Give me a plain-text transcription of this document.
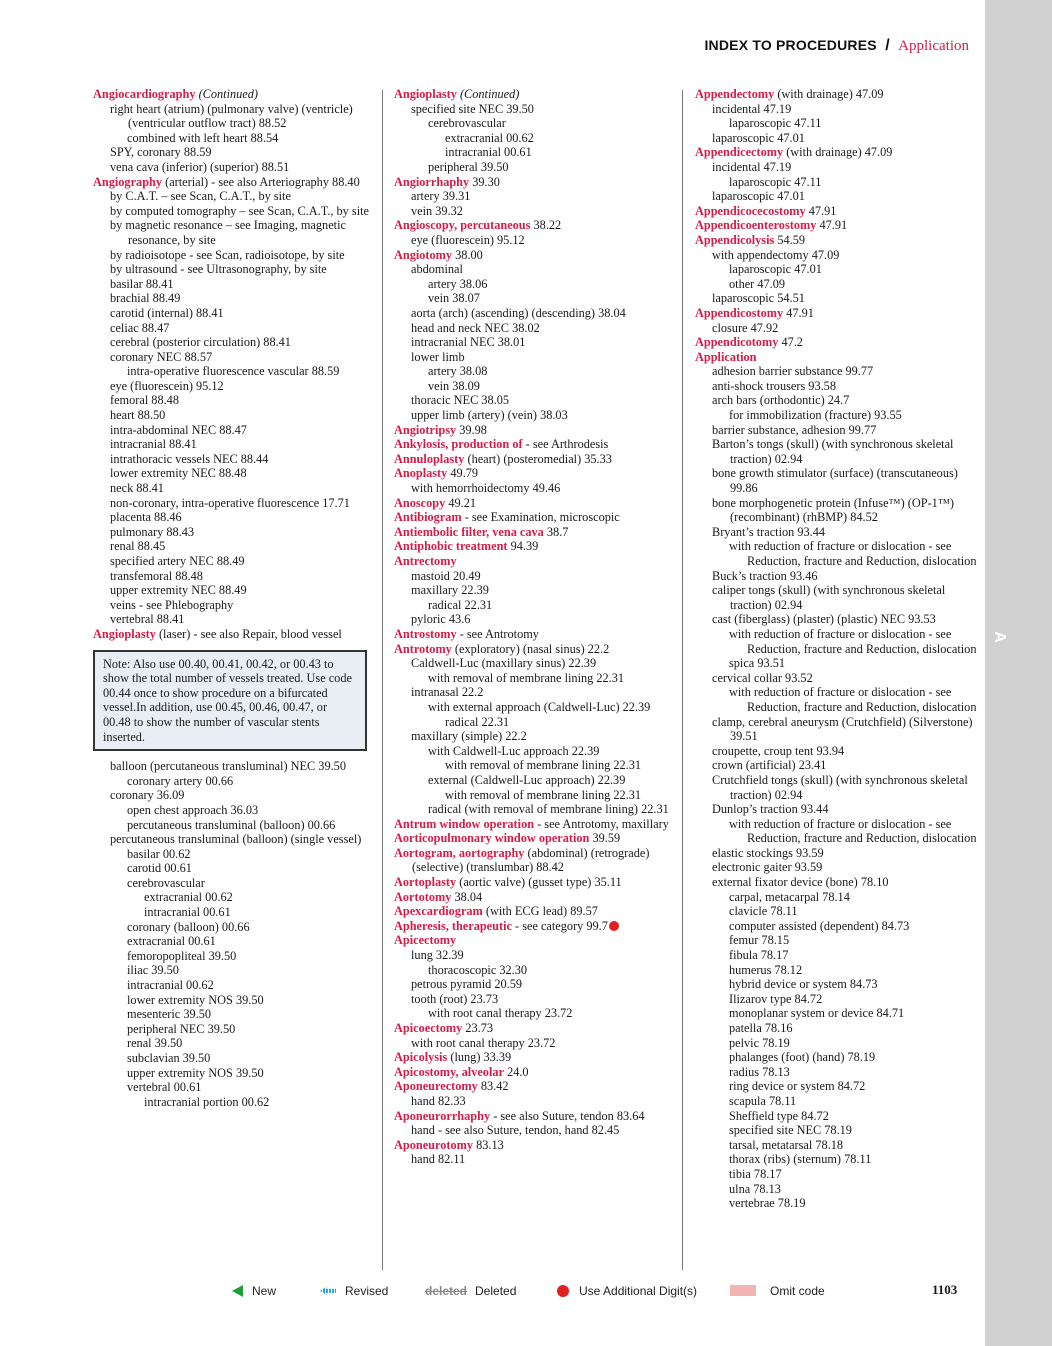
A
INDEX TO PROCEDURES / Application
Angiocardiography (Continued)
right heart (atrium) (pulmonary valve) (ventricle) (ventricular outflow tract) 88.52
combined with left heart 88.54
SPY, coronary 88.59
vena cava (inferior) (superior) 88.51
Angiography (arterial) - see also Arteriography 88.40
by C.A.T. – see Scan, C.A.T., by site
by computed tomography – see Scan, C.A.T., by site
by magnetic resonance – see Imaging, magnetic resonance, by site
by radioisotope - see Scan, radioisotope, by site
by ultrasound - see Ultrasonography, by site
basilar 88.41
brachial 88.49
carotid (internal) 88.41
celiac 88.47
cerebral (posterior circulation) 88.41
coronary NEC 88.57
intra-operative fluorescence vascular 88.59
eye (fluorescein) 95.12
femoral 88.48
heart 88.50
intra-abdominal NEC 88.47
intracranial 88.41
intrathoracic vessels NEC 88.44
lower extremity NEC 88.48
neck 88.41
non-coronary, intra-operative fluorescence 17.71
placenta 88.46
pulmonary 88.43
renal 88.45
specified artery NEC 88.49
transfemoral 88.48
upper extremity NEC 88.49
veins - see Phlebography
vertebral 88.41
Angioplasty (laser) - see also Repair, blood vessel
Note: Also use 00.40, 00.41, 00.42, or 00.43 to show the total number of vessels treated. Use code 00.44 once to show procedure on a bifurcated vessel.In addition, use 00.45, 00.46, 00.47, or 00.48 to show the number of vascular stents inserted.
balloon (percutaneous transluminal) NEC 39.50
coronary artery 00.66
coronary 36.09
open chest approach 36.03
percutaneous transluminal (balloon) 00.66
percutaneous transluminal (balloon) (single vessel)
basilar 00.62
carotid 00.61
cerebrovascular
extracranial 00.62
intracranial 00.61
coronary (balloon) 00.66
extracranial 00.61
femoropopliteal 39.50
iliac 39.50
intracranial 00.62
lower extremity NOS 39.50
mesenteric 39.50
peripheral NEC 39.50
renal 39.50
subclavian 39.50
upper extremity NOS 39.50
vertebral 00.61
intracranial portion 00.62
Angioplasty (Continued)
specified site NEC 39.50
cerebrovascular
extracranial 00.62
intracranial 00.61
peripheral 39.50
Angiorrhaphy 39.30
artery 39.31
vein 39.32
Angioscopy, percutaneous 38.22
eye (fluorescein) 95.12
Angiotomy 38.00
abdominal
artery 38.06
vein 38.07
aorta (arch) (ascending) (descending) 38.04
head and neck NEC 38.02
intracranial NEC 38.01
lower limb
artery 38.08
vein 38.09
thoracic NEC 38.05
upper limb (artery) (vein) 38.03
Angiotripsy 39.98
Ankylosis, production of - see Arthrodesis
Annuloplasty (heart) (posteromedial) 35.33
Anoplasty 49.79
with hemorrhoidectomy 49.46
Anoscopy 49.21
Antibiogram - see Examination, microscopic
Antiembolic filter, vena cava 38.7
Antiphobic treatment 94.39
Antrectomy
mastoid 20.49
maxillary 22.39
radical 22.31
pyloric 43.6
Antrostomy - see Antrotomy
Antrotomy (exploratory) (nasal sinus) 22.2
Caldwell-Luc (maxillary sinus) 22.39
with removal of membrane lining 22.31
intranasal 22.2
with external approach (Caldwell-Luc) 22.39
radical 22.31
maxillary (simple) 22.2
with Caldwell-Luc approach 22.39
with removal of membrane lining 22.31
external (Caldwell-Luc approach) 22.39
with removal of membrane lining 22.31
radical (with removal of membrane lining) 22.31
Antrum window operation - see Antrotomy, maxillary
Aorticopulmonary window operation 39.59
Aortogram, aortography (abdominal) (retrograde) (selective) (translumbar) 88.42
Aortoplasty (aortic valve) (gusset type) 35.11
Aortotomy 38.04
Apexcardiogram (with ECG lead) 89.57
Apheresis, therapeutic - see category 99.7
Apicectomy
lung 32.39
thoracoscopic 32.30
petrous pyramid 20.59
tooth (root) 23.73
with root canal therapy 23.72
Apicoectomy 23.73
with root canal therapy 23.72
Apicolysis (lung) 33.39
Apicostomy, alveolar 24.0
Aponeurectomy 83.42
hand 82.33
Aponeurorrhaphy - see also Suture, tendon 83.64
hand - see also Suture, tendon, hand 82.45
Aponeurotomy 83.13
hand 82.11
Appendectomy (with drainage) 47.09
incidental 47.19
laparoscopic 47.11
laparoscopic 47.01
Appendicectomy (with drainage) 47.09
incidental 47.19
laparoscopic 47.11
laparoscopic 47.01
Appendicocecostomy 47.91
Appendicoenterostomy 47.91
Appendicolysis 54.59
with appendectomy 47.09
laparoscopic 47.01
other 47.09
laparoscopic 54.51
Appendicostomy 47.91
closure 47.92
Appendicotomy 47.2
Application
adhesion barrier substance 99.77
anti-shock trousers 93.58
arch bars (orthodontic) 24.7
for immobilization (fracture) 93.55
barrier substance, adhesion 99.77
Barton’s tongs (skull) (with synchronous skeletal traction) 02.94
bone growth stimulator (surface) (transcutaneous) 99.86
bone morphogenetic protein (Infuse™) (OP-1™) (recombinant) (rhBMP) 84.52
Bryant’s traction 93.44
with reduction of fracture or dislocation - see Reduction, fracture and Reduction, dislocation
Buck’s traction 93.46
caliper tongs (skull) (with synchronous skeletal traction) 02.94
cast (fiberglass) (plaster) (plastic) NEC 93.53
with reduction of fracture or dislocation - see Reduction, fracture and Reduction, dislocation
spica 93.51
cervical collar 93.52
with reduction of fracture or dislocation - see Reduction, fracture and Reduction, dislocation
clamp, cerebral aneurysm (Crutchfield) (Silverstone) 39.51
croupette, croup tent 93.94
crown (artificial) 23.41
Crutchfield tongs (skull) (with synchronous skeletal traction) 02.94
Dunlop’s traction 93.44
with reduction of fracture or dislocation - see Reduction, fracture and Reduction, dislocation
elastic stockings 93.59
electronic gaiter 93.59
external fixator device (bone) 78.10
carpal, metacarpal 78.14
clavicle 78.11
computer assisted (dependent) 84.73
femur 78.15
fibula 78.17
humerus 78.12
hybrid device or system 84.73
Ilizarov type 84.72
monoplanar system or device 84.71
patella 78.16
pelvic 78.19
phalanges (foot) (hand) 78.19
radius 78.13
ring device or system 84.72
scapula 78.11
Sheffield type 84.72
specified site NEC 78.19
tarsal, metatarsal 78.18
thorax (ribs) (sternum) 78.11
tibia 78.17
ulna 78.13
vertebrae 78.19
New	Revised	deleted Deleted	Use Additional Digit(s)	Omit code	1103
